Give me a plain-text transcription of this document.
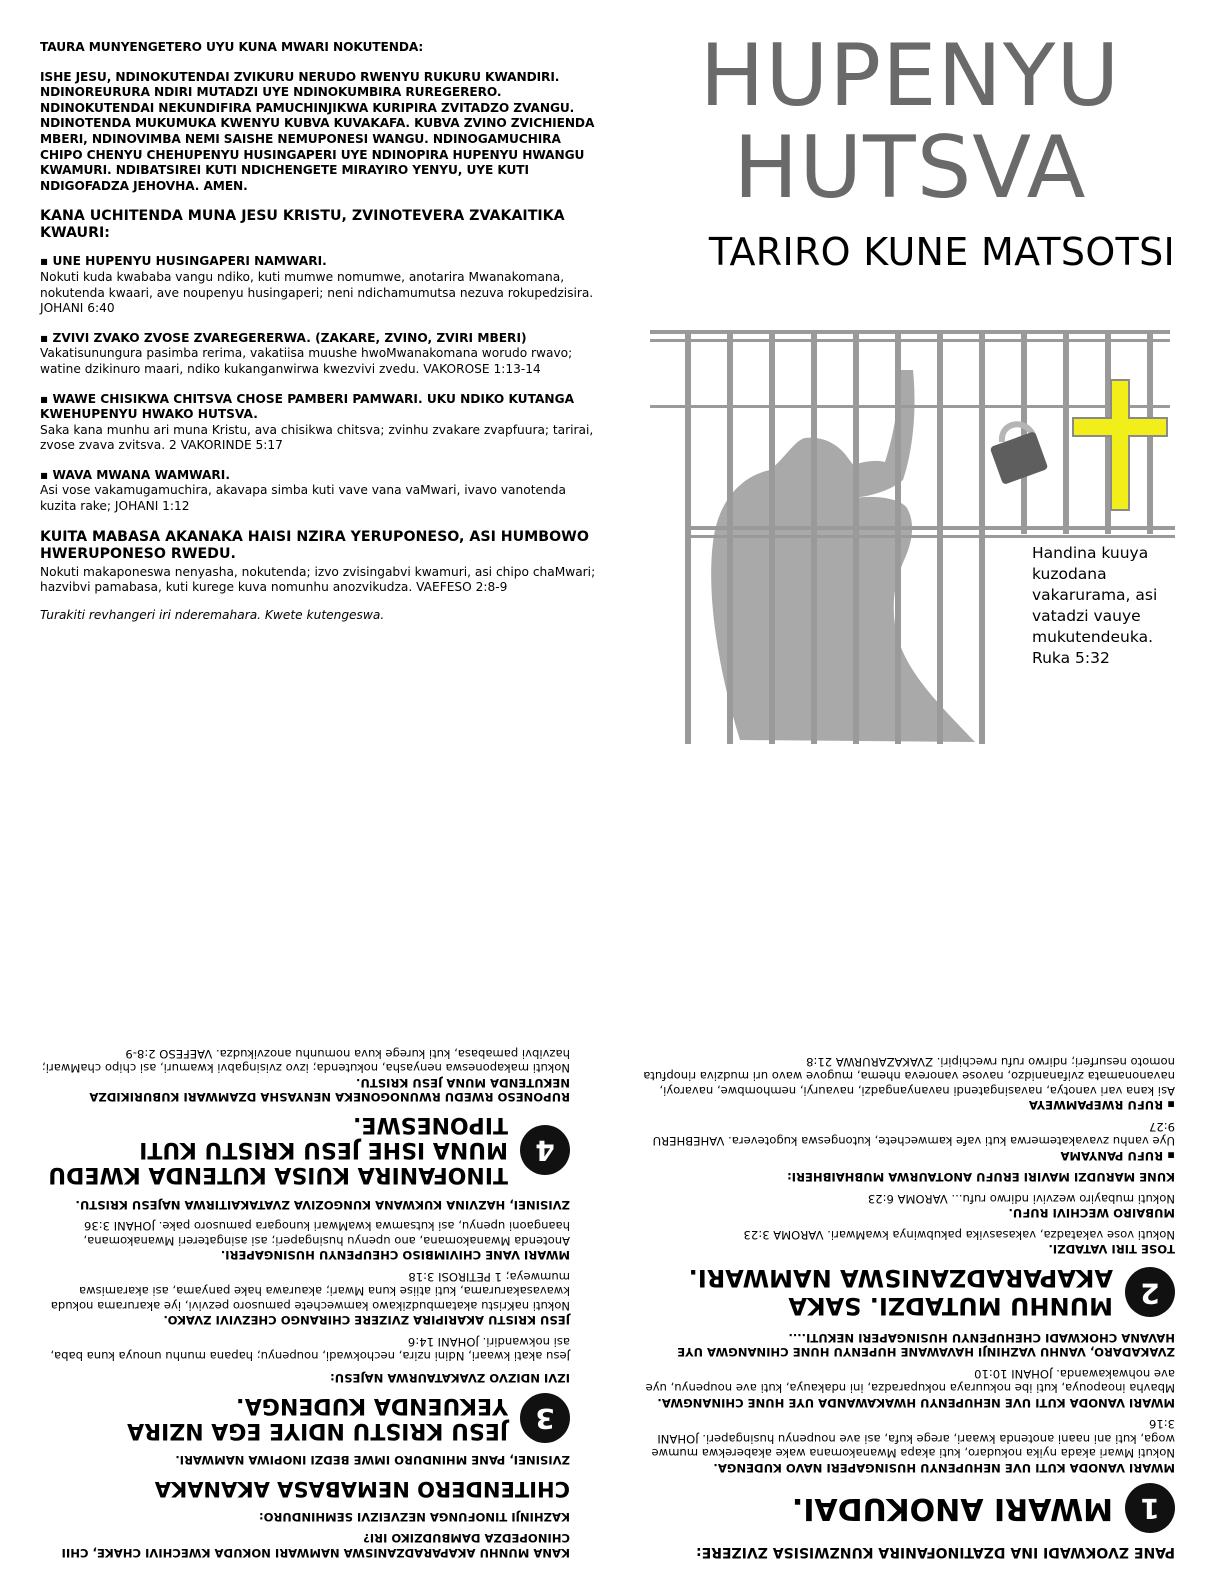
TAURA MUNYENGETERO UYU KUNA MWARI NOKUTENDA:
ISHE JESU, NDINOKUTENDAI ZVIKURU NERUDO RWENYU RUKURU KWANDIRI. NDINOREURURA NDIRI MUTADZI UYE NDINOKUMBIRA RUREGERERO. NDINOKUTENDAI NEKUNDIFIRA PAMUCHINJIKWA KURIPIRA ZVITADZO ZVANGU. NDINOTENDA MUKUMUKA KWENYU KUBVA KUVAKAFA. KUBVA ZVINO ZVICHIENDA MBERI, NDINOVIMBA NEMI SAISHE NEMUPONESI WANGU. NDINOGAMUCHIRA CHIPO CHENYU CHEHUPENYU HUSINGAPERI UYE NDINOPIRA HUPENYU HWANGU KWAMURI. NDIBATSIREI KUTI NDICHENGETE MIRAYIRO YENYU, UYE KUTI NDIGOFADZA JEHOVHA. AMEN.
KANA UCHITENDA MUNA JESU KRISTU, ZVINOTEVERA ZVAKAITIKA KWAURI:
▪ UNE HUPENYU HUSINGAPERI NAMWARI.
Nokuti kuda kwababa vangu ndiko, kuti mumwe nomumwe, anotarira Mwanakomana, nokutenda kwaari, ave noupenyu husingaperi; neni ndichamumutsa nezuva rokupedzisira. JOHANI 6:40
▪ ZVIVI ZVAKO ZVOSE ZVAREGERERWA. (ZAKARE, ZVINO, ZVIRI MBERI)
Vakatisunungura pasimba rerima, vakatiisa muushe hwoMwanakomana worudo rwavo; watine dzikinuro maari, ndiko kukanganwirwa kwezvivi zvedu. VAKOROSE 1:13-14
▪ WAWE CHISIKWA CHITSVA CHOSE PAMBERI PAMWARI. UKU NDIKO KUTANGA KWEHUPENYU HWAKO HUTSVA.
Saka kana munhu ari muna Kristu, ava chisikwa chitsva; zvinhu zvakare zvapfuura; tarirai, zvose zvava zvitsva. 2 VAKORINDE 5:17
▪ WAVA MWANA WAMWARI.
Asi vose vakamugamuchira, akavapa simba kuti vave vana vaMwari, ivavo vanotenda kuzita rake; JOHANI 1:12
KUITA MABASA AKANAKA HAISI NZIRA YERUPONESO, ASI HUMBOWO HWERUPONESO RWEDU.
Nokuti makaponeswa nenyasha, nokutenda; izvo zvisingabvi kwamuri, asi chipo chaMwari; hazvibvi pamabasa, kuti kurege kuva nomunhu anozvikudza. VAEFESO 2:8-9
Turakiti revhangeri iri nderemahara. Kwete kutengeswa.
HUPENYU
HUTSVA
TARIRO KUNE MATSOTSI
Handina kuuya kuzodana vakarurama, asi vatadzi vauye mukutendeuka. Ruka 5:32

KANA MUNHU AKAPARADZANISWA NAMWARI NOKUDA KWECHIVI CHAKE, CHII CHINOPEDZA DAMBUDZIKO IRI?

KAZHINJI TINOFUNGA NEZVEIZVI SEMHINDURO:

CHITENDERO NEMABASA AKANAKA

ZVISINEI, PANE MHINDURO IMWE BEDZI INOPIWA NAMWARI.

3
JESU KRISTU NDIYE EGA NZIRA YEKUENDA KUDENGA.

IZVI NDIZVO ZVAKATAURWA NAJESU:

Jesu akati kwaari, Ndini nzira, nechokwadi, noupenyu; hapana munhu unouya kuna baba, asi nokwandiri. JOHANI 14:6

JESU KRISTU AKARIPIRA ZVIZERE CHIRANGO CHEZVIVI ZVAKO.

Nokuti naKristu akatambudzikawo kamwechete pamusoro pezvivi, iye akarurama nokuda kwavasakarurama, kuti atiise kuna Mwari; akaurawa hake panyama, asi akaramiswa mumweya; 1 PETIROSI 3:18

MWARI VANE CHIVIMBISO CHEUPENYU HUSINGAPERI.

Anotenda Mwanakomana, ano upenyu husingaperi; asi asingatereri Mwanakomana, haangaoni upenyu, asi kutsamwa kwaMwari kunogara pamusoro pake. JOHANI 3:36

ZVISINEI, HAZVINA KUKWANA KUNGOZIVA ZVATAKAITIRWA NAJESU KRISTU.

4
TINOFANIRA KUISA KUTENDA KWEDU MUNA ISHE JESU KRISTU KUTI TIPONESWE.

RUPONESO RWEDU RWUNOGONEKA NENYASHA DZAMWARI KUBURIKIDZA NEKUTENDA MUNA JESU KRISTU.

Nokuti makaponeswa nenyasha, nokutenda; izvo zvisingabvi kwamuri, asi chipo chaMwari; hazvibvi pamabasa, kuti kurege kuva nomunhu anozvikudza. VAEFESO 2:8-9

PANE ZVOKWADI INA DZATINOFANIRA KUNZWISISA ZVIZERE:

1
MWARI ANOKUDAI.

MWARI VANODA KUTI UVE NEHUPENYU HUSINGAPERI NAVO KUDENGA.

Nokuti Mwari akada nyika nokudaro, kuti akapa Mwanakomana wake akaberekwa mumwe woga, kuti ani naani anotenda kwaari, arege kufa, asi ave noupenyu husingaperi. JOHANI 3:16

MWARI VANODA KUTI UVE NEHUPENYU HWAKAWANDA UYE HUNE CHINANGWA.

Mbavha inoapouya, kuti ibe nokuuraya nokuparadza, ini ndakauya, kuti ave noupenyu, uye ave nohwakawanda. JOHANI 10:10

ZVAKADARO, VANHU VAZHINJI HAVAWANE HUPENYU HUNE CHINANGWA UYE HAVANA CHOKWADI CHEHUPENYU HUSINGAPERI NEKUTI....

2
MUNHU MUTADZI. SAKA AKAPARADZANISWA NAMWARI.

TOSE TIRI VATADZI.

Nokuti vose vakatadza, vakasasvika pakubwinya kwaMwari. VAROMA 3:23

MUBAIRO WECHIVI RUFU.

Nokuti mubayiro wezvivi ndirwo rufu... VAROMA 6:23

KUNE MARUDZI MAVIRI ERUFU ANOTAURWA MUBHAIBHERI:

▪ RUFU PANYAMA

Uye vanhu zvavakatemerwa kuti vafe kamwechete, kutongeswa kugotevera. VAHEBHERU 9:27

▪ RUFU RWEPAMWEYA

Asi kana vari vanotya, navasingatendi navanyangadzi, navauryi, nemhombwe, navaroyi, navanonamata zvifananidzo, navose vanoreva nhema, mugove wavo uri mudziva rinopfuta nomoto nesurferi; ndirwo rufu rwechipiri. ZVAKAZARURWA 21:8
